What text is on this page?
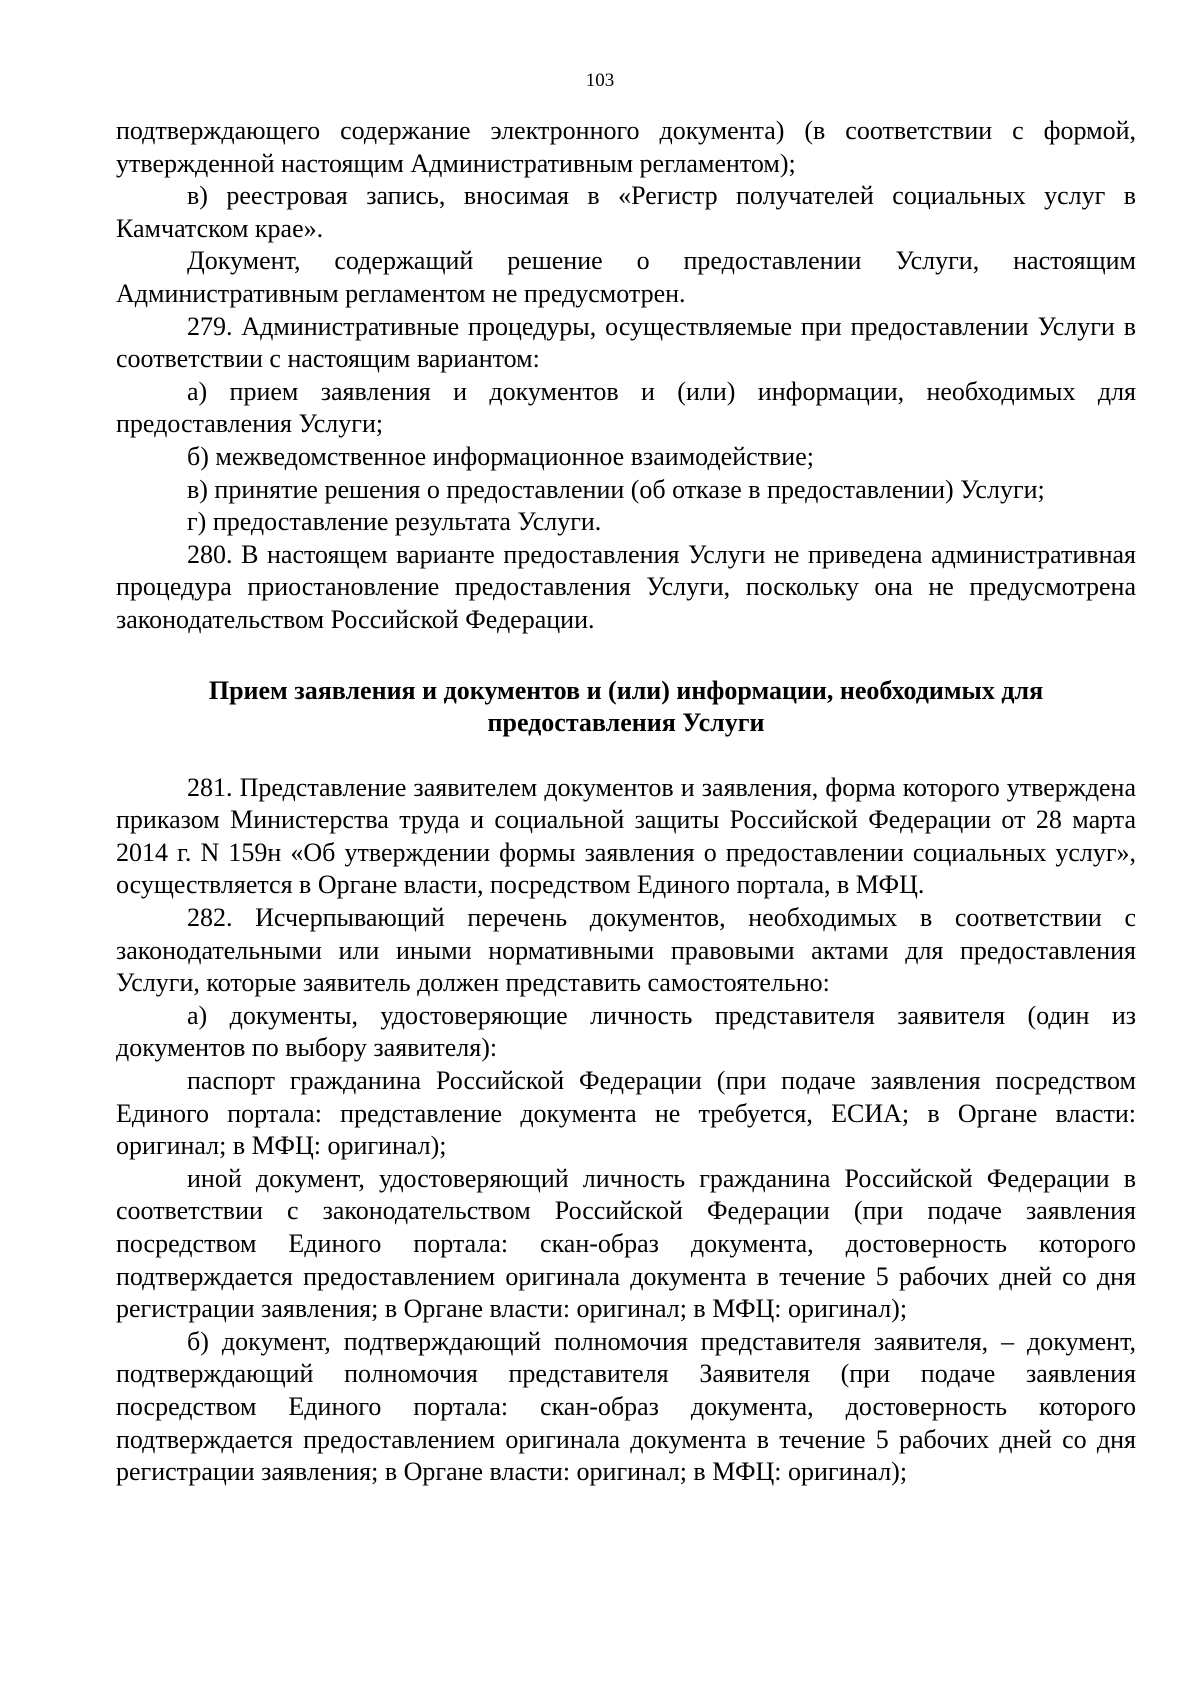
103

подтверждающего содержание электронного документа) (в соответствии с формой, утвержденной настоящим Административным регламентом);

в) реестровая запись, вносимая в «Регистр получателей социальных услуг в Камчатском крае».

Документ, содержащий решение о предоставлении Услуги, настоящим Административным регламентом не предусмотрен.

279. Административные процедуры, осуществляемые при предоставлении Услуги в соответствии с настоящим вариантом:

а) прием заявления и документов и (или) информации, необходимых для предоставления Услуги;

б) межведомственное информационное взаимодействие;

в) принятие решения о предоставлении (об отказе в предоставлении) Услуги;

г) предоставление результата Услуги.

280. В настоящем варианте предоставления Услуги не приведена административная процедура приостановление предоставления Услуги, поскольку она не предусмотрена законодательством Российской Федерации.

Прием заявления и документов и (или) информации, необходимых для предоставления Услуги

281. Представление заявителем документов и заявления, форма которого утверждена приказом Министерства труда и социальной защиты Российской Федерации от 28 марта 2014 г. N 159н «Об утверждении формы заявления о предоставлении социальных услуг», осуществляется в Органе власти, посредством Единого портала, в МФЦ.

282. Исчерпывающий перечень документов, необходимых в соответствии с законодательными или иными нормативными правовыми актами для предоставления Услуги, которые заявитель должен представить самостоятельно:

а) документы, удостоверяющие личность представителя заявителя (один из документов по выбору заявителя):

паспорт гражданина Российской Федерации (при подаче заявления посредством Единого портала: представление документа не требуется, ЕСИА; в Органе власти: оригинал; в МФЦ: оригинал);

иной документ, удостоверяющий личность гражданина Российской Федерации в соответствии с законодательством Российской Федерации (при подаче заявления посредством Единого портала: скан-образ документа, достоверность которого подтверждается предоставлением оригинала документа в течение 5 рабочих дней со дня регистрации заявления; в Органе власти: оригинал; в МФЦ: оригинал);

б) документ, подтверждающий полномочия представителя заявителя, – документ, подтверждающий полномочия представителя Заявителя (при подаче заявления посредством Единого портала: скан-образ документа, достоверность которого подтверждается предоставлением оригинала документа в течение 5 рабочих дней со дня регистрации заявления; в Органе власти: оригинал; в МФЦ: оригинал);
